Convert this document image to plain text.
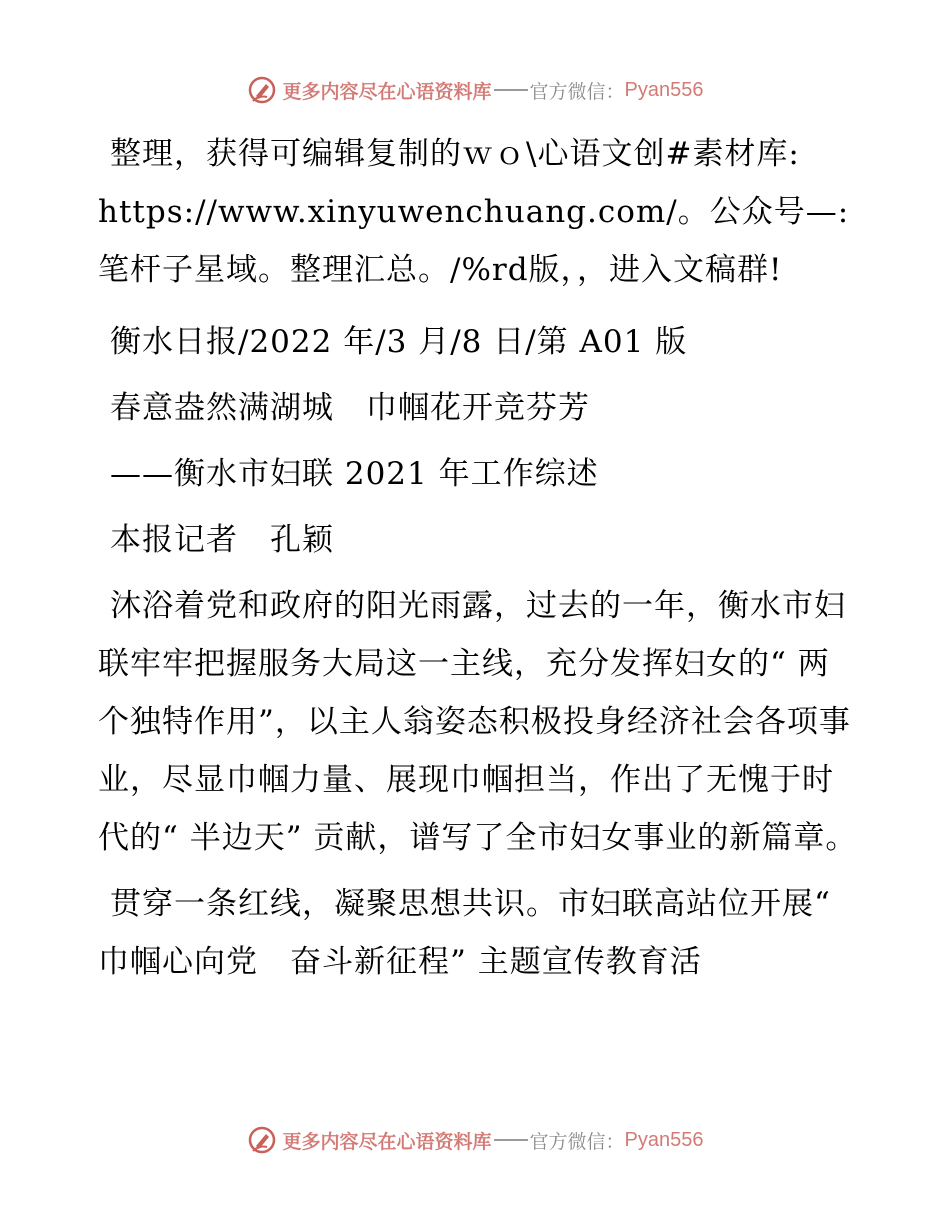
更多内容尽在心语资料库 官方微信： Pyan556
整理，获得可编辑复制的ｗｏ\心语文创#素材库:
https://www.xinyuwenchuang.com/。公众号—:
笔杆子星域。整理汇总。/%rd版，，进入文稿群!
衡水日报/2022 年/3 月/8 日/第 A01 版
春意盎然满湖城　巾帼花开竞芬芳
——衡水市妇联 2021 年工作综述
本报记者　孔颖
沐浴着党和政府的阳光雨露，过去的一年，衡水市妇联牢牢把握服务大局这一主线，充分发挥妇女的“ 两个独特作用”，以主人翁姿态积极投身经济社会各项事业，尽显巾帼力量、展现巾帼担当，作出了无愧于时代的“ 半边天” 贡献，谱写了全市妇女事业的新篇章。
贯穿一条红线，凝聚思想共识。市妇联高站位开展“ 巾帼心向党　奋斗新征程” 主题宣传教育活
更多内容尽在心语资料库 官方微信： Pyan556
